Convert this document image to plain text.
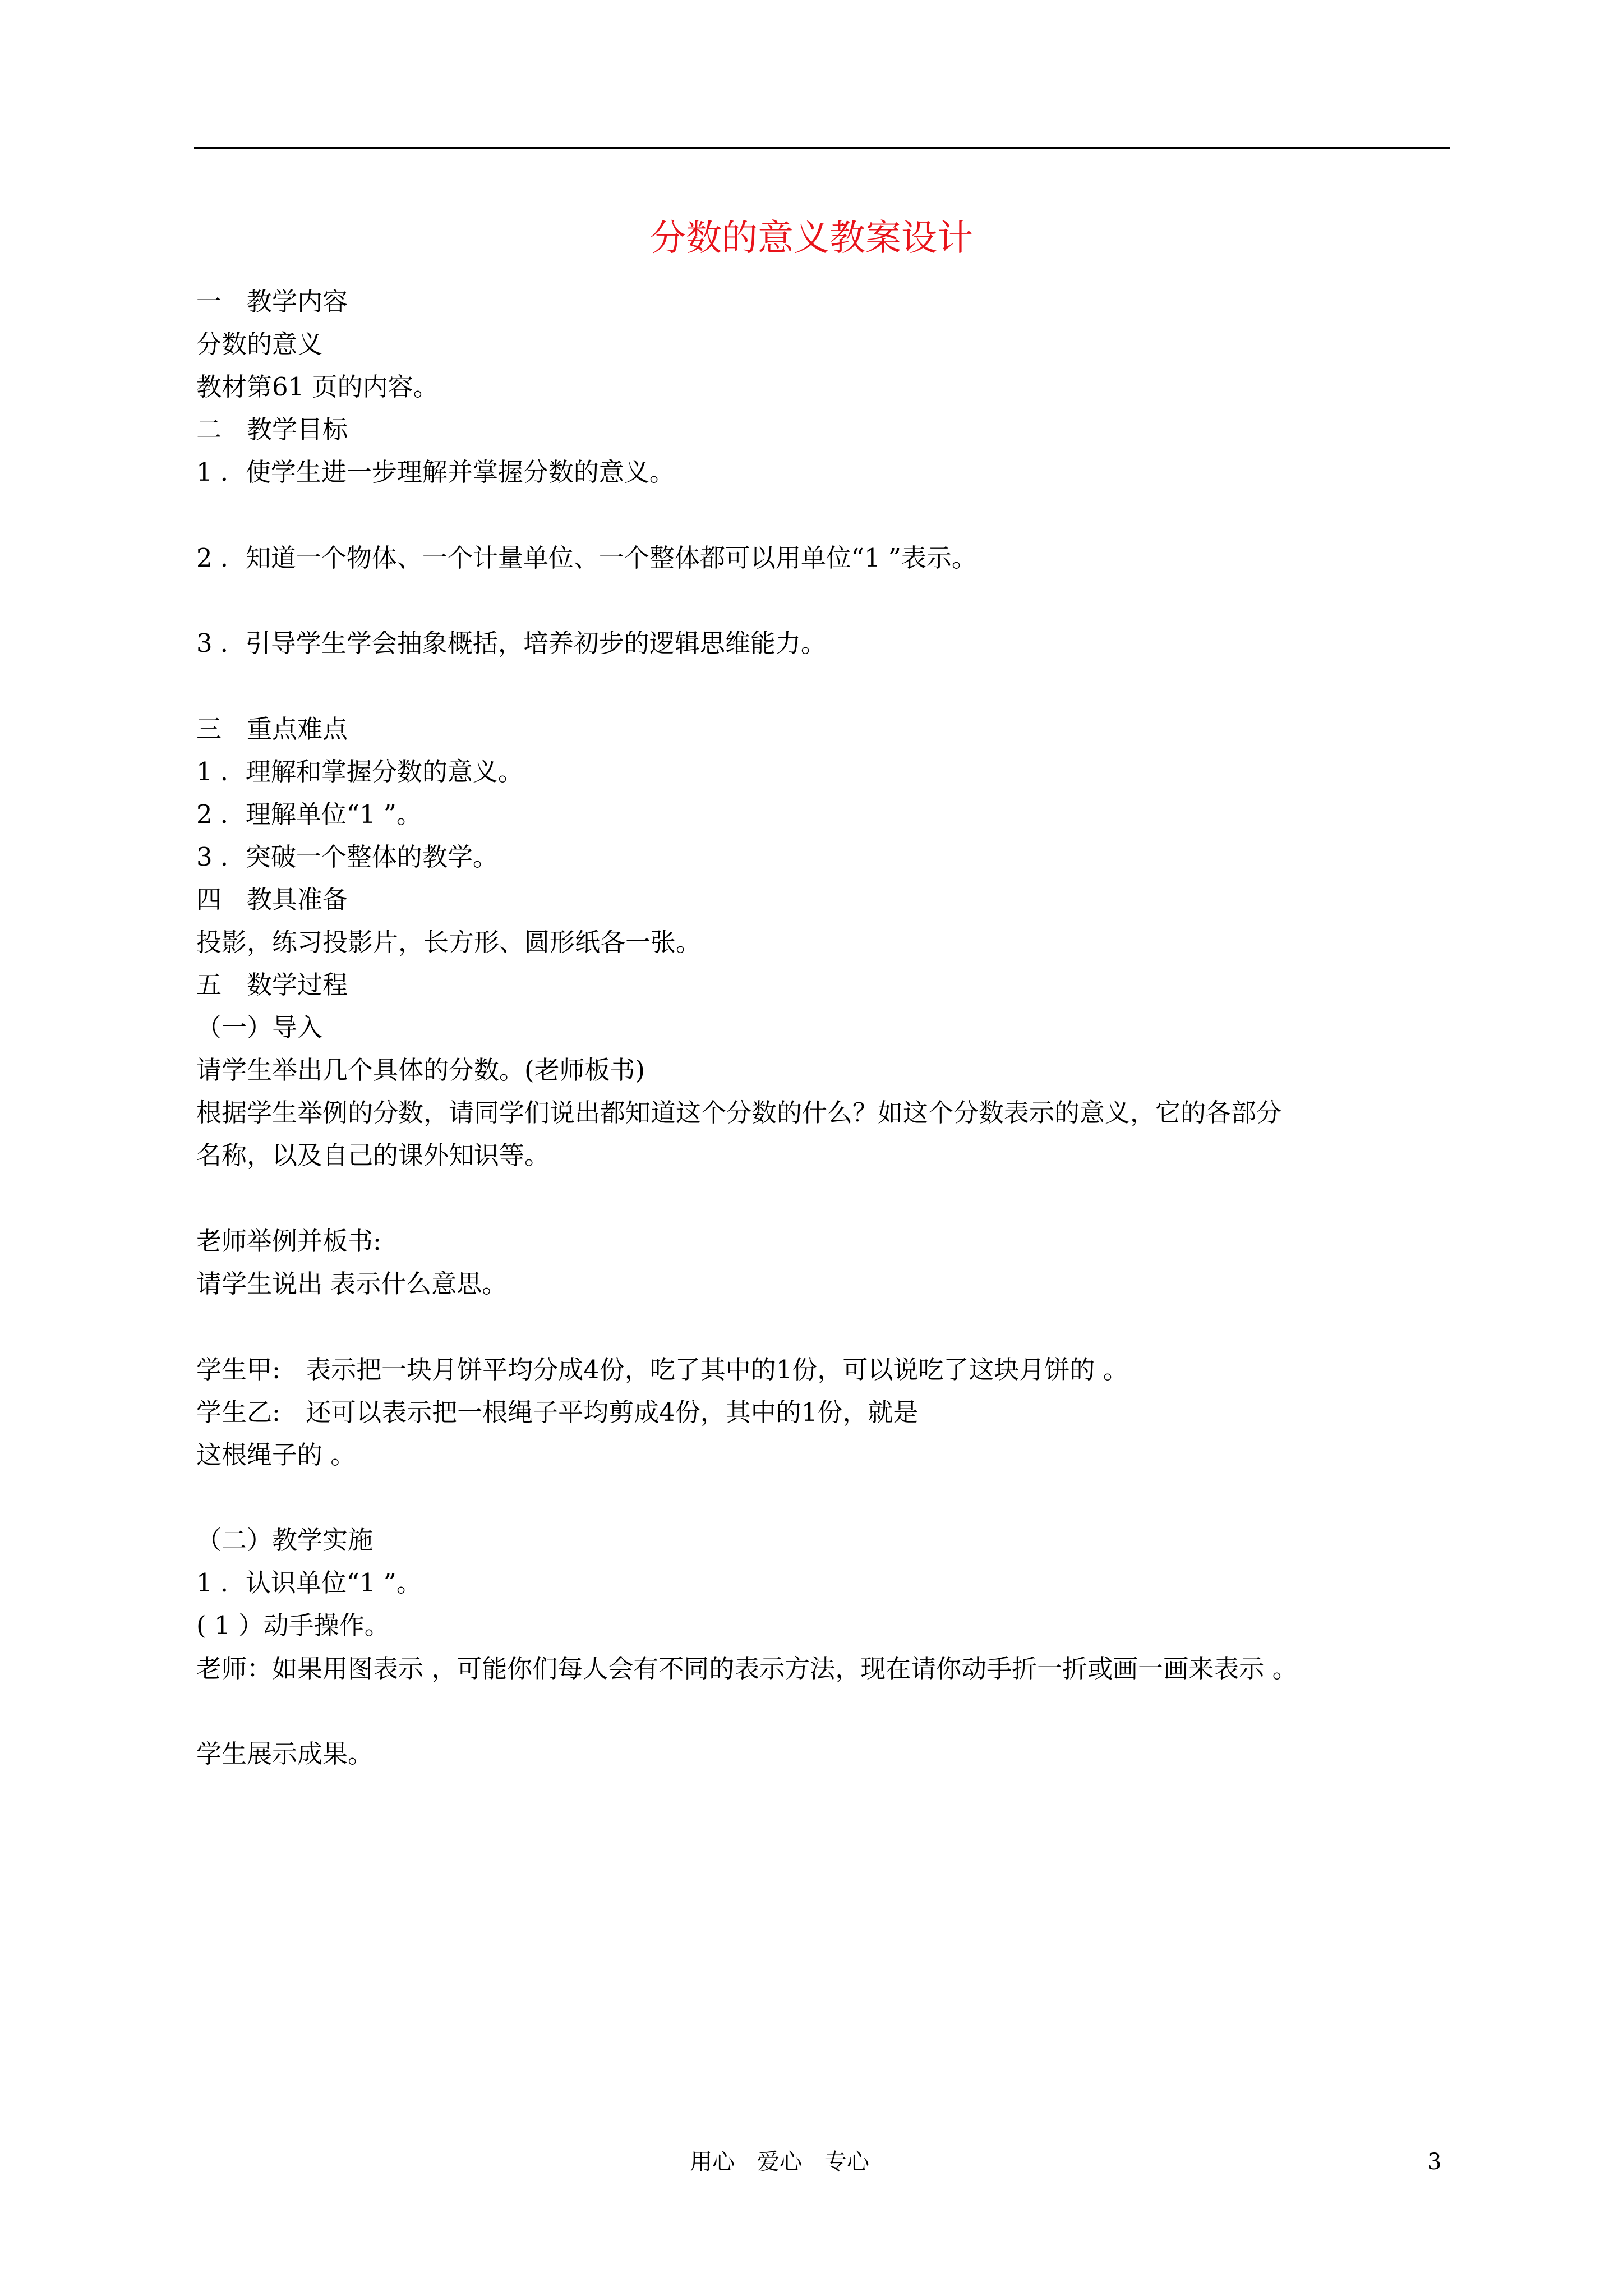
分数的意义教案设计
一　教学内容
分数的意义
教材第61 页的内容。
二　教学目标
1 ．使学生进一步理解并掌握分数的意义。
2 ．知道一个物体、一个计量单位、一个整体都可以用单位“1 ”表示。
3 ．引导学生学会抽象概括，培养初步的逻辑思维能力。
三　重点难点
1 ．理解和掌握分数的意义。
2 ．理解单位“1 ”。
3 ．突破一个整体的教学。
四　教具准备
投影，练习投影片，长方形、圆形纸各一张。
五　数学过程
（一）导入
请学生举出几个具体的分数。(老师板书)
根据学生举例的分数，请同学们说出都知道这个分数的什么？如这个分数表示的意义，它的各部分
名称，以及自己的课外知识等。
老师举例并板书:
请学生说出 表示什么意思。
学生甲:　表示把一块月饼平均分成4份，吃了其中的1份，可以说吃了这块月饼的 。
学生乙:　还可以表示把一根绳子平均剪成4份，其中的1份，就是
这根绳子的 。
（二）教学实施
1 ．认识单位“1 ”。
( 1 ）动手操作。
老师：如果用图表示 ，可能你们每人会有不同的表示方法，现在请你动手折一折或画一画来表示 。
学生展示成果。
用心　爱心　专心	3
